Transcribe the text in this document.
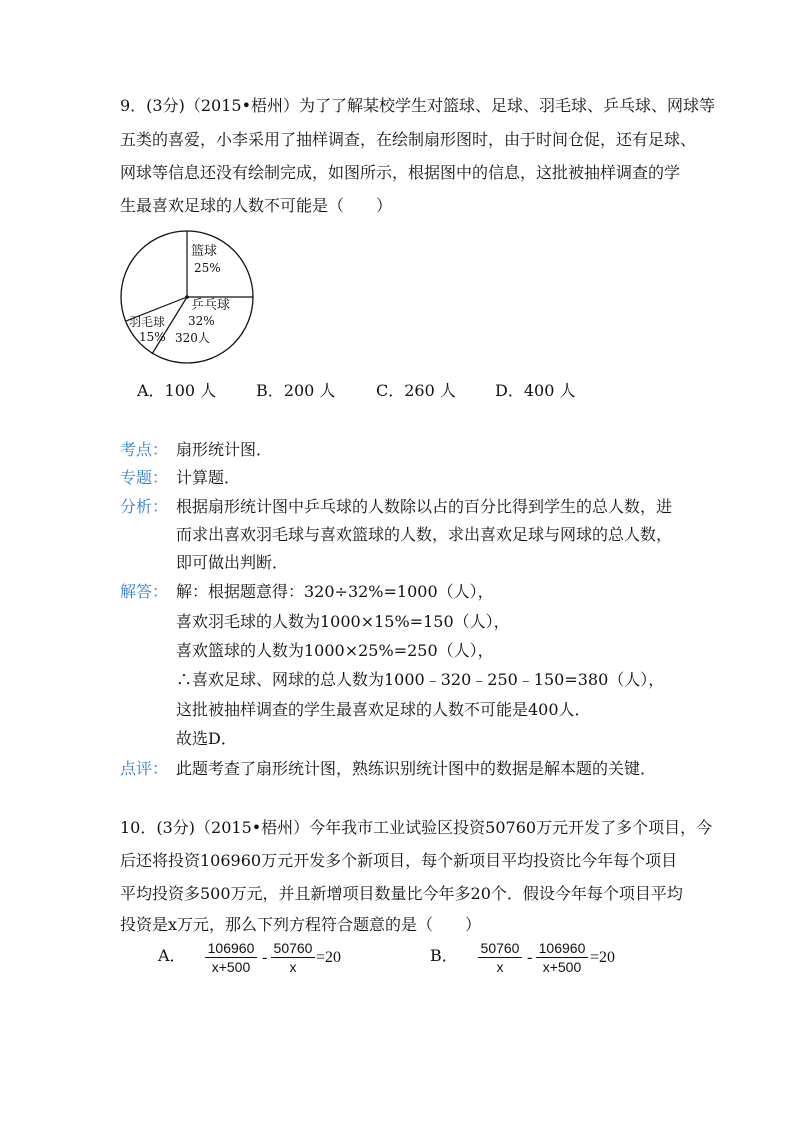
9．(3分)（2015•梧州）为了了解某校学生对篮球、足球、羽毛球、乒乓球、网球等
五类的喜爱，小李采用了抽样调查，在绘制扇形图时，由于时间仓促，还有足球、
网球等信息还没有绘制完成，如图所示，根据图中的信息，这批被抽样调查的学
生最喜欢足球的人数不可能是（　　）
篮球
25%
乒乓球
32%
320人
羽毛球
15%
A．100 人 B．200 人	C．260 人 D．400 人
考点： 扇形统计图．
专题： 计算题．
分析： 根据扇形统计图中乒乓球的人数除以占的百分比得到学生的总人数，进
而求出喜欢羽毛球与喜欢篮球的人数，求出喜欢足球与网球的总人数，
即可做出判断．
解答： 解：根据题意得：320÷32%=1000（人），
喜欢羽毛球的人数为1000×15%=150（人），
喜欢篮球的人数为1000×25%=250（人），
∴喜欢足球、网球的总人数为1000﹣320﹣250﹣150=380（人），
这批被抽样调查的学生最喜欢足球的人数不可能是400人．
故选D．
点评： 此题考查了扇形统计图，熟练识别统计图中的数据是解本题的关键．
10．(3分)（2015•梧州）今年我市工业试验区投资50760万元开发了多个项目，今
后还将投资106960万元开发多个新项目，每个新项目平均投资比今年每个项目
平均投资多500万元，并且新增项目数量比今年多20个．假设今年每个项目平均
投资是x万元，那么下列方程符合题意的是（　　）
A． 106960
x+500
-
50760
x
=20	B． 50760
x
-
106960
x+500
=20
